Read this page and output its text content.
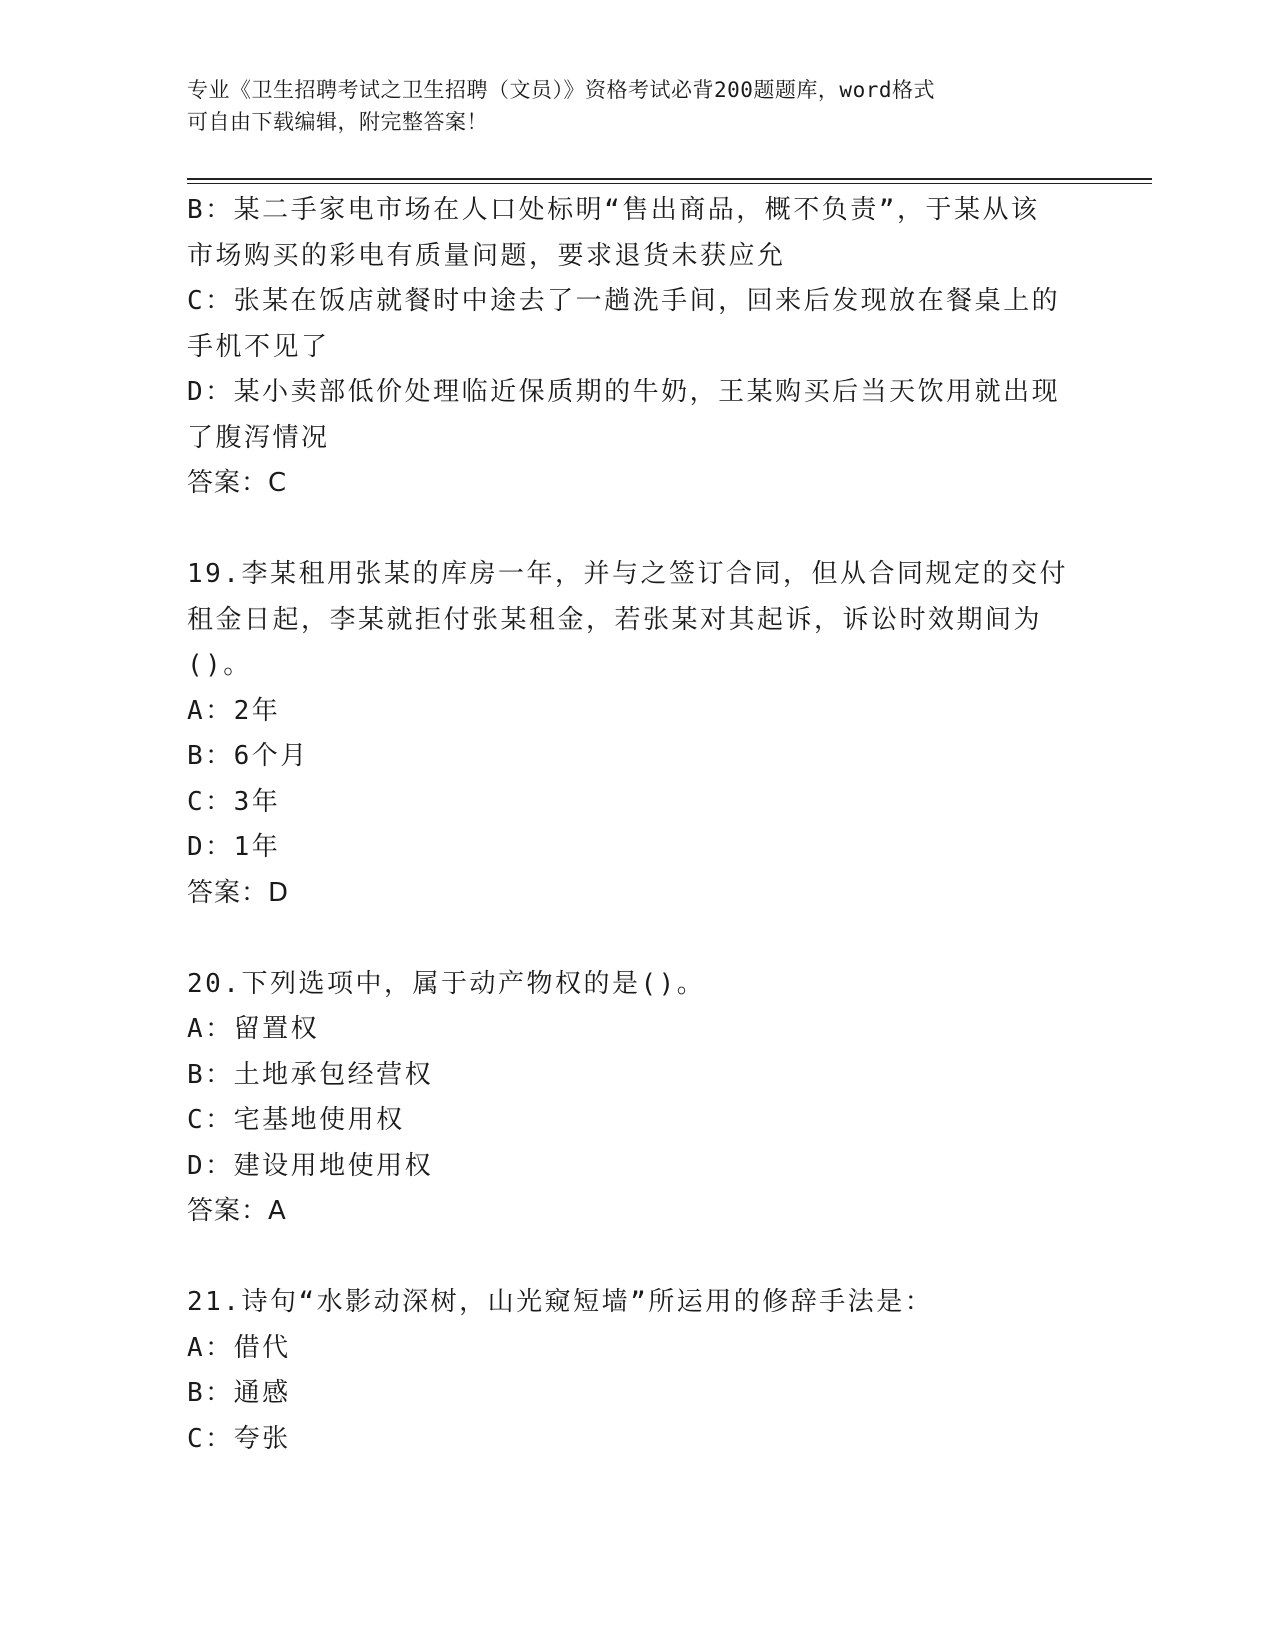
专业《卫生招聘考试之卫生招聘（文员）》资格考试必背200题题库，word格式
可自由下载编辑，附完整答案！
B：某二手家电市场在人口处标明“售出商品，概不负责”，于某从该
市场购买的彩电有质量问题，要求退货未获应允
C：张某在饭店就餐时中途去了一趟洗手间，回来后发现放在餐桌上的
手机不见了
D：某小卖部低价处理临近保质期的牛奶，王某购买后当天饮用就出现
了腹泻情况
答案：C
19.李某租用张某的库房一年，并与之签订合同，但从合同规定的交付
租金日起，李某就拒付张某租金，若张某对其起诉，诉讼时效期间为
()。
A：2年
B：6个月
C：3年
D：1年
答案：D
20.下列选项中，属于动产物权的是()。
A：留置权
B：土地承包经营权
C：宅基地使用权
D：建设用地使用权
答案：A
21.诗句“水影动深树，山光窥短墙”所运用的修辞手法是：
A：借代
B：通感
C：夸张
